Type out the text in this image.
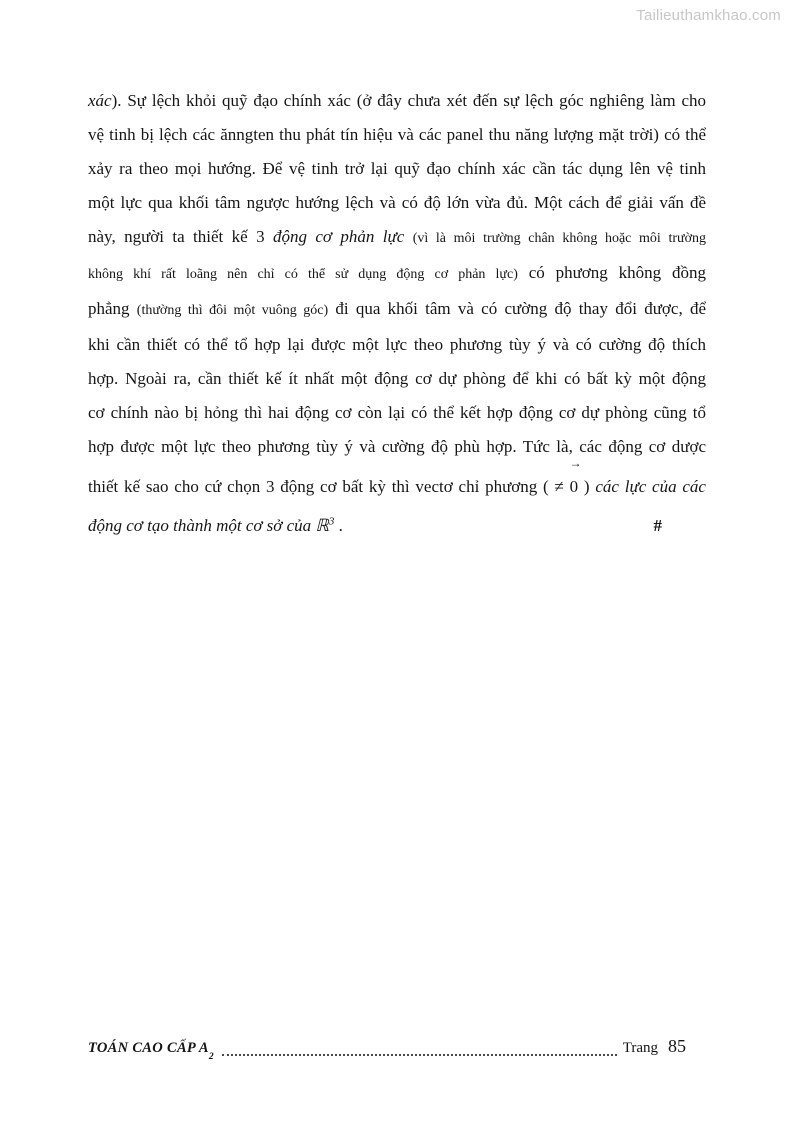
Tailieuthamkhao.com
xác). Sự lệch khỏi quỹ đạo chính xác (ở đây chưa xét đến sự lệch góc nghiêng làm cho
vệ tinh bị lệch các ănngten thu phát tín hiệu và các panel thu năng lượng mặt trời) có thể
xảy ra theo mọi hướng. Để vệ tinh trở lại quỹ đạo chính xác cần tác dụng lên vệ tinh
một lực qua khối tâm ngược hướng lệch và có độ lớn vừa đủ. Một cách để giải vấn đề
này, người ta thiết kế 3 động cơ phản lực (vì là môi trường chân không hoặc môi trường
không khí rất loãng nên chỉ có thể sử dụng động cơ phản lực) có phương không đồng
phẳng (thường thì đôi một vuông góc) đi qua khối tâm và có cường độ thay đổi được, để
khi cần thiết có thể tổ hợp lại được một lực theo phương tùy ý và có cường độ thích
hợp. Ngoài ra, cần thiết kế ít nhất một động cơ dự phòng để khi có bất kỳ một động
cơ chính nào bị hỏng thì hai động cơ còn lại có thể kết hợp động cơ dự phòng cũng tổ
hợp được một lực theo phương tùy ý và cường độ phù hợp. Tức là, các động cơ dược
thiết kế sao cho cứ chọn 3 động cơ bất kỳ thì vectơ chỉ phương ( ≠
→
0 ) các lực của các
động cơ tạo thành một cơ sở của ℝ$^3$ .	#
TOÁN CAO CẤP $A_2$
Trang 85
